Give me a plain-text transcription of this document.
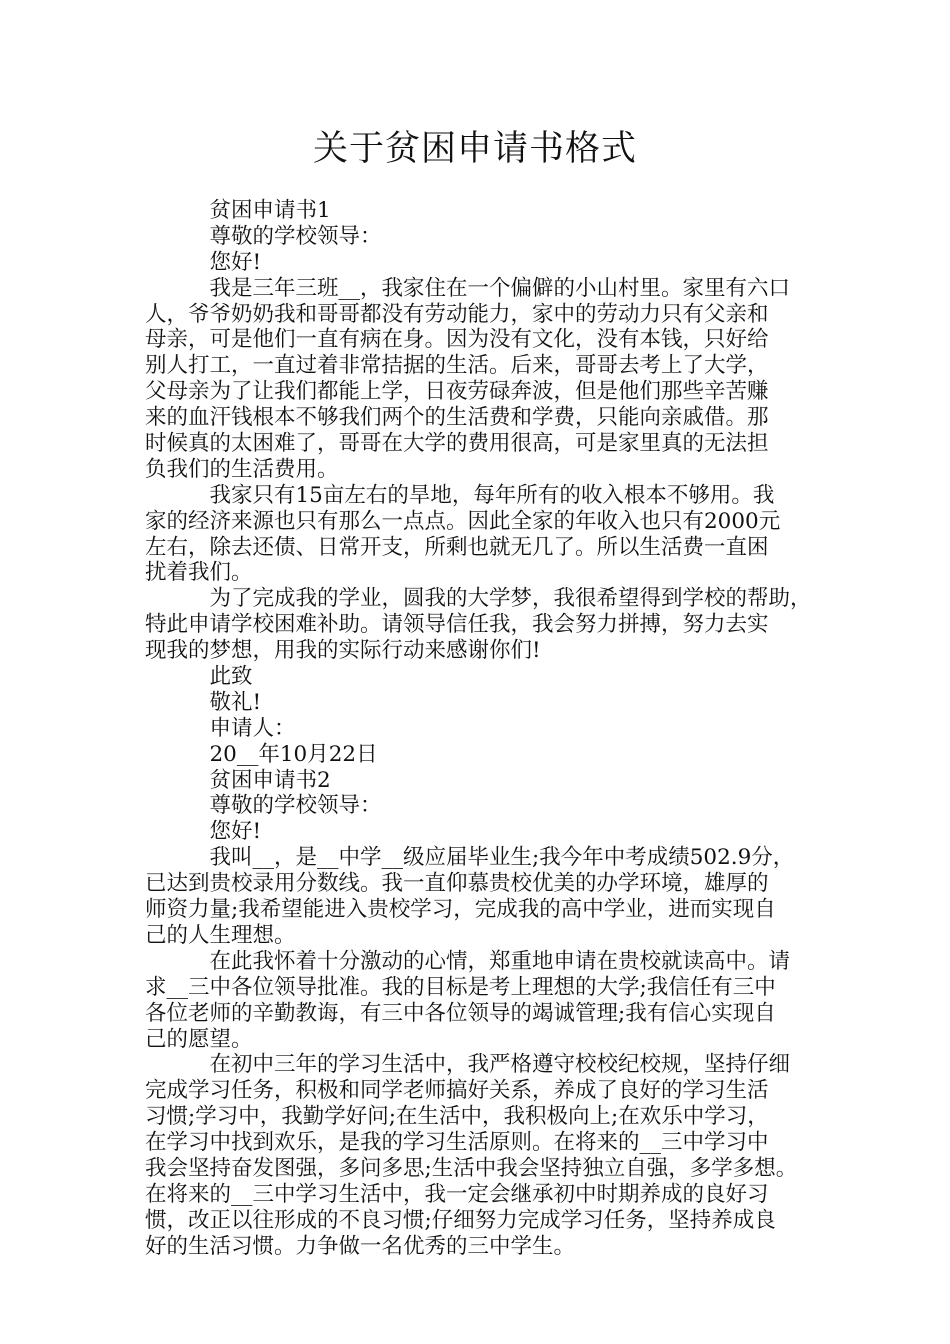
关于贫困申请书格式
　　　贫困申请书1
　　　尊敬的学校领导：
　　　您好!
　　　我是三年三班__，我家住在一个偏僻的小山村里。家里有六口
人，爷爷奶奶我和哥哥都没有劳动能力，家中的劳动力只有父亲和
母亲，可是他们一直有病在身。因为没有文化，没有本钱，只好给
别人打工，一直过着非常拮据的生活。后来，哥哥去考上了大学，
父母亲为了让我们都能上学，日夜劳碌奔波，但是他们那些辛苦赚
来的血汗钱根本不够我们两个的生活费和学费，只能向亲戚借。那
时候真的太困难了，哥哥在大学的费用很高，可是家里真的无法担
负我们的生活费用。
　　　我家只有15亩左右的旱地，每年所有的收入根本不够用。我
家的经济来源也只有那么一点点。因此全家的年收入也只有2000元
左右，除去还债、日常开支，所剩也就无几了。所以生活费一直困
扰着我们。
　　　为了完成我的学业，圆我的大学梦，我很希望得到学校的帮助，
特此申请学校困难补助。请领导信任我，我会努力拼搏，努力去实
现我的梦想，用我的实际行动来感谢你们!
　　　此致
　　　敬礼!
　　　申请人：
　　　20__年10月22日
　　　贫困申请书2
　　　尊敬的学校领导：
　　　您好!
　　　我叫__，是__中学__级应届毕业生;我今年中考成绩502.9分，
已达到贵校录用分数线。我一直仰慕贵校优美的办学环境，雄厚的
师资力量;我希望能进入贵校学习，完成我的高中学业，进而实现自
己的人生理想。
　　　在此我怀着十分激动的心情，郑重地申请在贵校就读高中。请
求__三中各位领导批准。我的目标是考上理想的大学;我信任有三中
各位老师的辛勤教诲，有三中各位领导的竭诚管理;我有信心实现自
己的愿望。
　　　在初中三年的学习生活中，我严格遵守校校纪校规，坚持仔细
完成学习任务，积极和同学老师搞好关系，养成了良好的学习生活
习惯;学习中，我勤学好问;在生活中，我积极向上;在欢乐中学习，
在学习中找到欢乐，是我的学习生活原则。在将来的__三中学习中
我会坚持奋发图强，多问多思;生活中我会坚持独立自强，多学多想。
在将来的__三中学习生活中，我一定会继承初中时期养成的良好习
惯，改正以往形成的不良习惯;仔细努力完成学习任务，坚持养成良
好的生活习惯。力争做一名优秀的三中学生。
